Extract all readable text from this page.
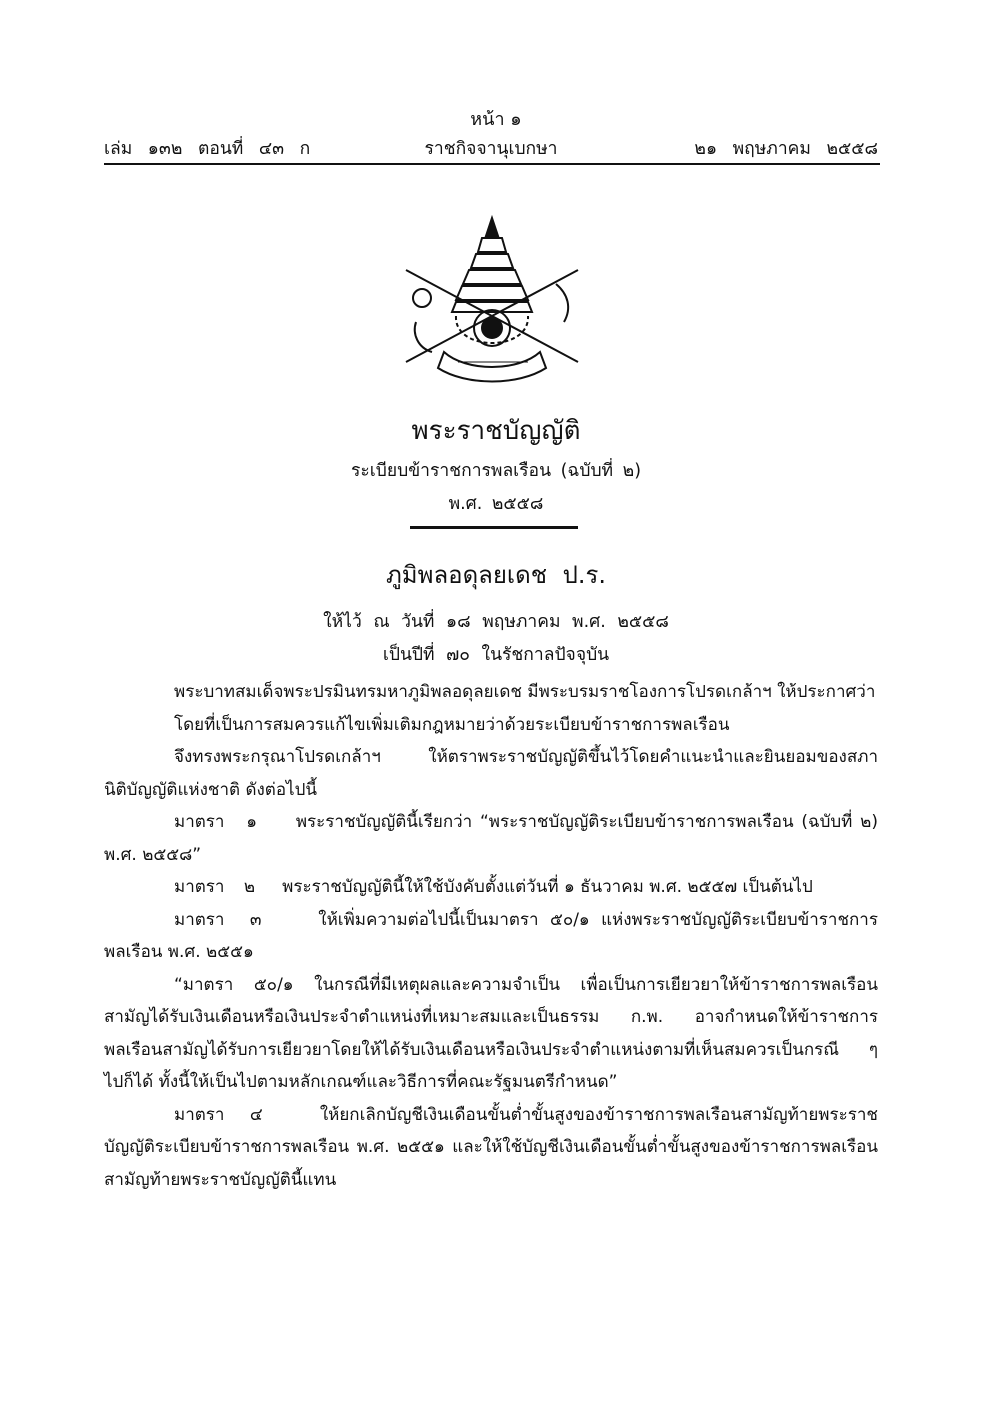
หน้า ๑
เล่ม ๑๓๒ ตอนที่ ๔๓ ก	ราชกิจจานุเบกษา	๒๑ พฤษภาคม ๒๕๕๘
พระราชบัญญัติ
ระเบียบข้าราชการพลเรือน (ฉบับที่ ๒)
พ.ศ. ๒๕๕๘
ภูมิพลอดุลยเดช ป.ร.
ให้ไว้ ณ วันที่ ๑๘ พฤษภาคม พ.ศ. ๒๕๕๘
เป็นปีที่ ๗๐ ในรัชกาลปัจจุบัน

พระบาทสมเด็จพระปรมินทรมหาภูมิพลอดุลยเดช มีพระบรมราชโองการโปรดเกล้าฯ ให้ประกาศว่า

โดยที่เป็นการสมควรแก้ไขเพิ่มเติมกฎหมายว่าด้วยระเบียบข้าราชการพลเรือน

จึงทรงพระกรุณาโปรดเกล้าฯ ให้ตราพระราชบัญญัติขึ้นไว้โดยคำแนะนำและยินยอมของสภานิติบัญญัติแห่งชาติ ดังต่อไปนี้

มาตรา ๑ พระราชบัญญัตินี้เรียกว่า “พระราชบัญญัติระเบียบข้าราชการพลเรือน (ฉบับที่ ๒) พ.ศ. ๒๕๕๘”

มาตรา ๒ พระราชบัญญัตินี้ให้ใช้บังคับตั้งแต่วันที่ ๑ ธันวาคม พ.ศ. ๒๕๕๗ เป็นต้นไป

มาตรา ๓	ให้เพิ่มความต่อไปนี้เป็นมาตรา ๕๐/๑ แห่งพระราชบัญญัติระเบียบข้าราชการพลเรือน พ.ศ. ๒๕๕๑

“มาตรา ๕๐/๑ ในกรณีที่มีเหตุผลและความจำเป็น เพื่อเป็นการเยียวยาให้ข้าราชการพลเรือนสามัญได้รับเงินเดือนหรือเงินประจำตำแหน่งที่เหมาะสมและเป็นธรรม ก.พ. อาจกำหนดให้ข้าราชการพลเรือนสามัญได้รับการเยียวยาโดยให้ได้รับเงินเดือนหรือเงินประจำตำแหน่งตามที่เห็นสมควรเป็นกรณี ๆ ไปก็ได้ ทั้งนี้ให้เป็นไปตามหลักเกณฑ์และวิธีการที่คณะรัฐมนตรีกำหนด”

มาตรา ๔	ให้ยกเลิกบัญชีเงินเดือนขั้นต่ำขั้นสูงของข้าราชการพลเรือนสามัญท้ายพระราชบัญญัติระเบียบข้าราชการพลเรือน พ.ศ. ๒๕๕๑ และให้ใช้บัญชีเงินเดือนขั้นต่ำขั้นสูงของข้าราชการพลเรือนสามัญท้ายพระราชบัญญัตินี้แทน
